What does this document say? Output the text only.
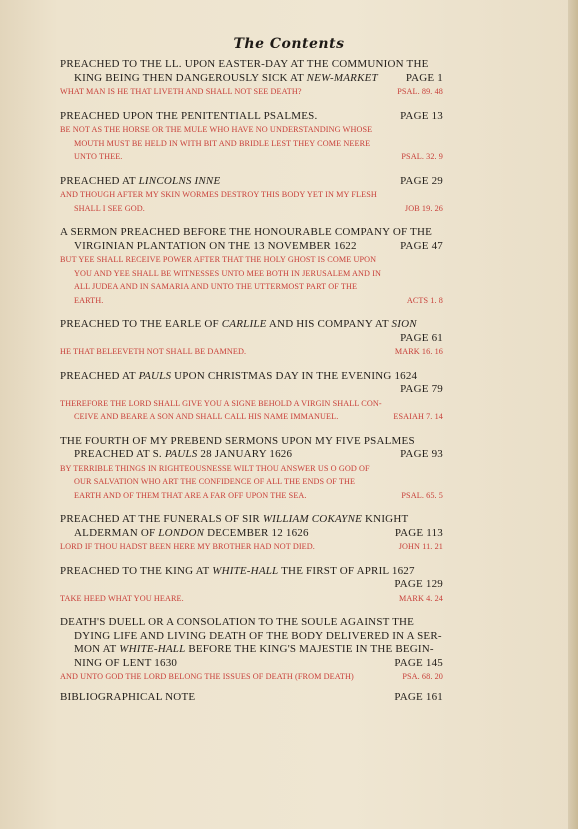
The Contents
PREACHED TO THE LL. UPON EASTER-DAY AT THE COMMUNION THE
KING BEING THEN DANGEROUSLY SICK AT NEW-MARKET	PAGE 1
WHAT MAN IS HE THAT LIVETH AND SHALL NOT SEE DEATH?	PSAL. 89. 48
PREACHED UPON THE PENITENTIALL PSALMES.	PAGE 13
BE NOT AS THE HORSE OR THE MULE WHO HAVE NO UNDERSTANDING WHOSE
MOUTH MUST BE HELD IN WITH BIT AND BRIDLE LEST THEY COME NEERE
UNTO THEE.	PSAL. 32. 9
PREACHED AT LINCOLNS INNE	PAGE 29
AND THOUGH AFTER MY SKIN WORMES DESTROY THIS BODY YET IN MY FLESH
SHALL I SEE GOD.	JOB 19. 26
A SERMON PREACHED BEFORE THE HONOURABLE COMPANY OF THE
VIRGINIAN PLANTATION ON THE 13 NOVEMBER 1622	PAGE 47
BUT YEE SHALL RECEIVE POWER AFTER THAT THE HOLY GHOST IS COME UPON
YOU AND YEE SHALL BE WITNESSES UNTO MEE BOTH IN JERUSALEM AND IN
ALL JUDEA AND IN SAMARIA AND UNTO THE UTTERMOST PART OF THE
EARTH.	ACTS 1. 8
PREACHED TO THE EARLE OF CARLILE AND HIS COMPANY AT SION
PAGE 61
HE THAT BELEEVETH NOT SHALL BE DAMNED.	MARK 16. 16
PREACHED AT PAULS UPON CHRISTMAS DAY IN THE EVENING 1624
PAGE 79
THEREFORE THE LORD SHALL GIVE YOU A SIGNE BEHOLD A VIRGIN SHALL CON-
CEIVE AND BEARE A SON AND SHALL CALL HIS NAME IMMANUEL.	ESAIAH 7. 14
THE FOURTH OF MY PREBEND SERMONS UPON MY FIVE PSALMES
PREACHED AT S. PAULS 28 JANUARY 1626	PAGE 93
BY TERRIBLE THINGS IN RIGHTEOUSNESSE WILT THOU ANSWER US O GOD OF
OUR SALVATION WHO ART THE CONFIDENCE OF ALL THE ENDS OF THE
EARTH AND OF THEM THAT ARE A FAR OFF UPON THE SEA.	PSAL. 65. 5
PREACHED AT THE FUNERALS OF SIR WILLIAM COKAYNE KNIGHT
ALDERMAN OF LONDON DECEMBER 12 1626	PAGE 113
LORD IF THOU HADST BEEN HERE MY BROTHER HAD NOT DIED.	JOHN 11. 21
PREACHED TO THE KING AT WHITE-HALL THE FIRST OF APRIL 1627
PAGE 129
TAKE HEED WHAT YOU HEARE.	MARK 4. 24
DEATH'S DUELL OR A CONSOLATION TO THE SOULE AGAINST THE
DYING LIFE AND LIVING DEATH OF THE BODY DELIVERED IN A SER-
MON AT WHITE-HALL BEFORE THE KING'S MAJESTIE IN THE BEGIN-
NING OF LENT 1630	PAGE 145
AND UNTO GOD THE LORD BELONG THE ISSUES OF DEATH (FROM DEATH)	PSA. 68. 20
BIBLIOGRAPHICAL NOTE	PAGE 161
